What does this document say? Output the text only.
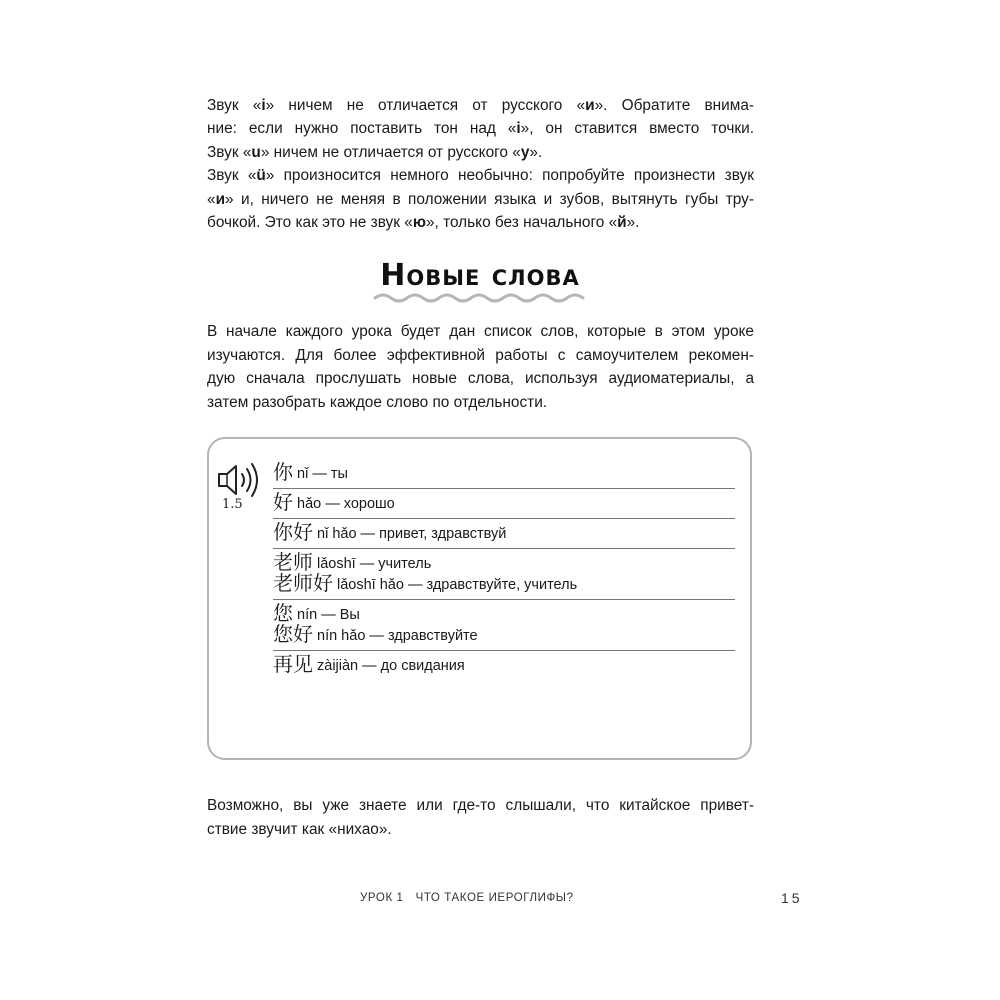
Звук «i» ничем не отличается от русского «и». Обратите внима-

ние: если нужно поставить тон над «i», он ставится вместо точки.

Звук «u» ничем не отличается от русского «у».

Звук «ü» произносится немного необычно: попробуйте произнести звук

«и» и, ничего не меняя в положении языка и зубов, вытянуть губы тру-

бочкой. Это как это не звук «ю», только без начального «й».

Новые слова

В начале каждого урока будет дан список слов, которые в этом уроке

изучаются. Для более эффективной работы с самоучителем рекомен-

дую сначала прослушать новые слова, используя аудиоматериалы, а

затем разобрать каждое слово по отдельности.

1.5
你 nǐ — ты
好 hǎo — хорошо
你好 nǐ hǎo — привет, здравствуй
老师 lǎoshī — учитель
老师好 lǎoshī hǎo — здравствуйте, учитель
您 nín — Вы
您好 nín hǎo — здравствуйте
再见 zàijiàn — до свидания

Возможно, вы уже знаете или где-то слышали, что китайское привет-

ствие звучит как «нихао».

УРОК 1 ЧТО ТАКОЕ ИЕРОГЛИФЫ?	15
